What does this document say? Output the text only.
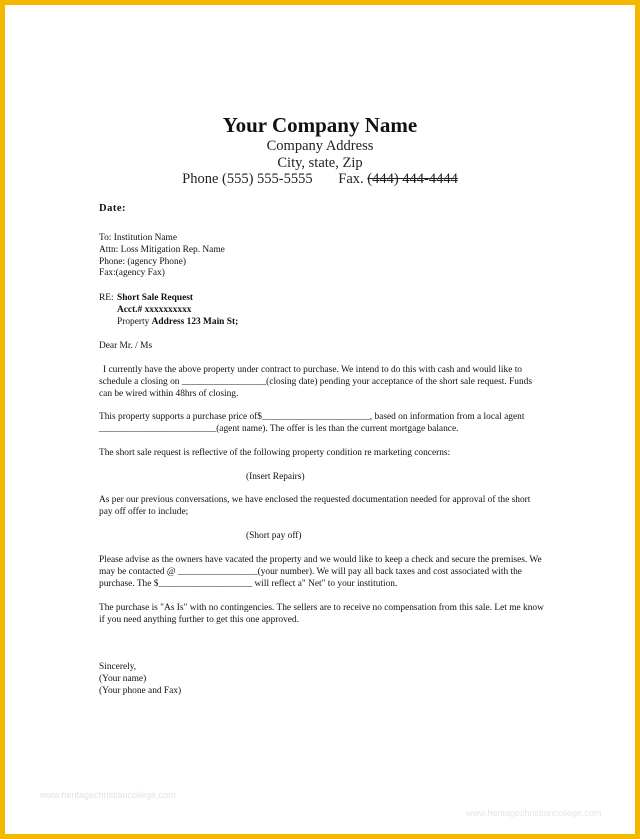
Your Company Name
Company Address
City, state, Zip
Phone (555) 555-5555 Fax. (444) 444-4444
Date:

To: Institution Name

Attn: Loss Mitigation Rep. Name

Phone: (agency Phone)

Fax:(agency Fax)

RE: Short Sale Request

Acct.# xxxxxxxxxx

Property Address 123 Main St;

Dear Mr. / Ms
I currently have the above property under contract to purchase. We intend to do this with cash and would like to schedule a closing on __________________(closing date) pending your acceptance of the short sale request. Funds can be wired within 48hrs of closing.
This property supports a purchase price of$_______________________, based on information from a local agent _________________________(agent name). The offer is les than the current mortgage balance.
The short sale request is reflective of the following property condition re marketing concerns:
(Insert Repairs)
As per our previous conversations, we have enclosed the requested documentation needed for approval of the short pay off offer to include;
(Short pay off)
Please advise as the owners have vacated the property and we would like to keep a check and secure the premises. We may be contacted @ _________________(your number). We will pay all back taxes and cost associated with the purchase. The $____________________ will reflect a" Net" to your institution.
The purchase is "As Is" with no contingencies. The sellers are to receive no compensation from this sale. Let me know if you need anything further to get this one approved.

Sincerely,

(Your name)

(Your phone and Fax)

www.heritagechristiancollege.com
www.heritagechristiancollege.com
